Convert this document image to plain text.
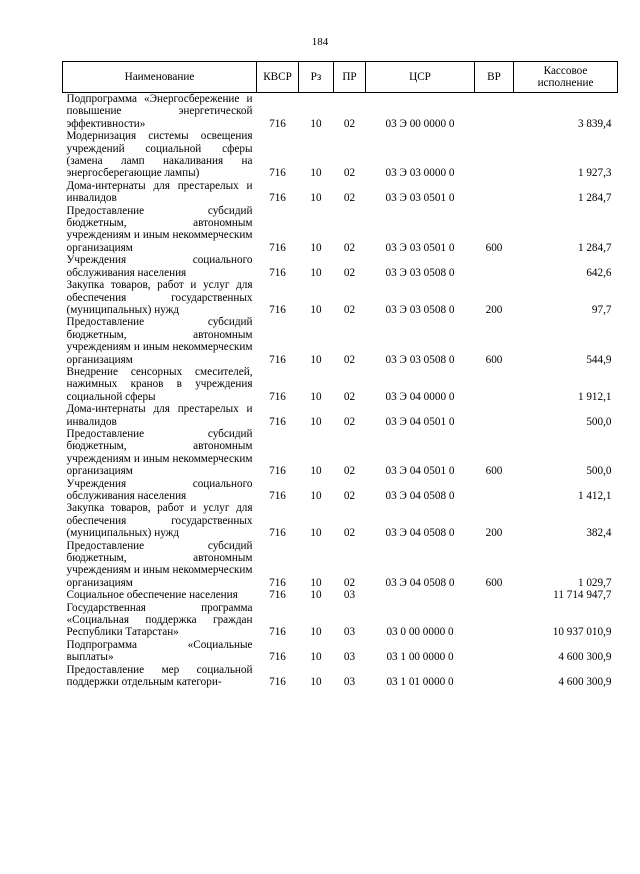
184
Наименование	КВСР	Рз	ПР	ЦСР	ВР	Кассовое исполнение
Подпрограмма «Энергосбережение и повышение энергетической эффективности»	716	10	02	03 Э 00 0000 0		3 839,4
Модернизация системы освещения учреждений социальной сферы (замена ламп накаливания на энергосберегающие лампы)	716	10	02	03 Э 03 0000 0		1 927,3
Дома-интернаты для престарелых и инвалидов	716	10	02	03 Э 03 0501 0		1 284,7
Предоставление субсидий бюджетным, автономным учреждениям и иным некоммерческим организациям	716	10	02	03 Э 03 0501 0	600	1 284,7
Учреждения социального обслуживания населения	716	10	02	03 Э 03 0508 0		642,6
Закупка товаров, работ и услуг для обеспечения государственных (муниципальных) нужд	716	10	02	03 Э 03 0508 0	200	97,7
Предоставление субсидий бюджетным, автономным учреждениям и иным некоммерческим организациям	716	10	02	03 Э 03 0508 0	600	544,9
Внедрение сенсорных смесителей, нажимных кранов в учреждения социальной сферы	716	10	02	03 Э 04 0000 0		1 912,1
Дома-интернаты для престарелых и инвалидов	716	10	02	03 Э 04 0501 0		500,0
Предоставление субсидий бюджетным, автономным учреждениям и иным некоммерческим организациям	716	10	02	03 Э 04 0501 0	600	500,0
Учреждения социального обслуживания населения	716	10	02	03 Э 04 0508 0		1 412,1
Закупка товаров, работ и услуг для обеспечения государственных (муниципальных) нужд	716	10	02	03 Э 04 0508 0	200	382,4
Предоставление субсидий бюджетным, автономным учреждениям и иным некоммерческим организациям	716	10	02	03 Э 04 0508 0	600	1 029,7
Социальное обеспечение населения	716	10	03			11 714 947,7
Государственная программа «Социальная поддержка граждан Республики Татарстан»	716	10	03	03 0 00 0000 0		10 937 010,9
Подпрограмма «Социальные выплаты»	716	10	03	03 1 00 0000 0		4 600 300,9
Предоставление мер социальной поддержки отдельным категори-	716	10	03	03 1 01 0000 0		4 600 300,9
